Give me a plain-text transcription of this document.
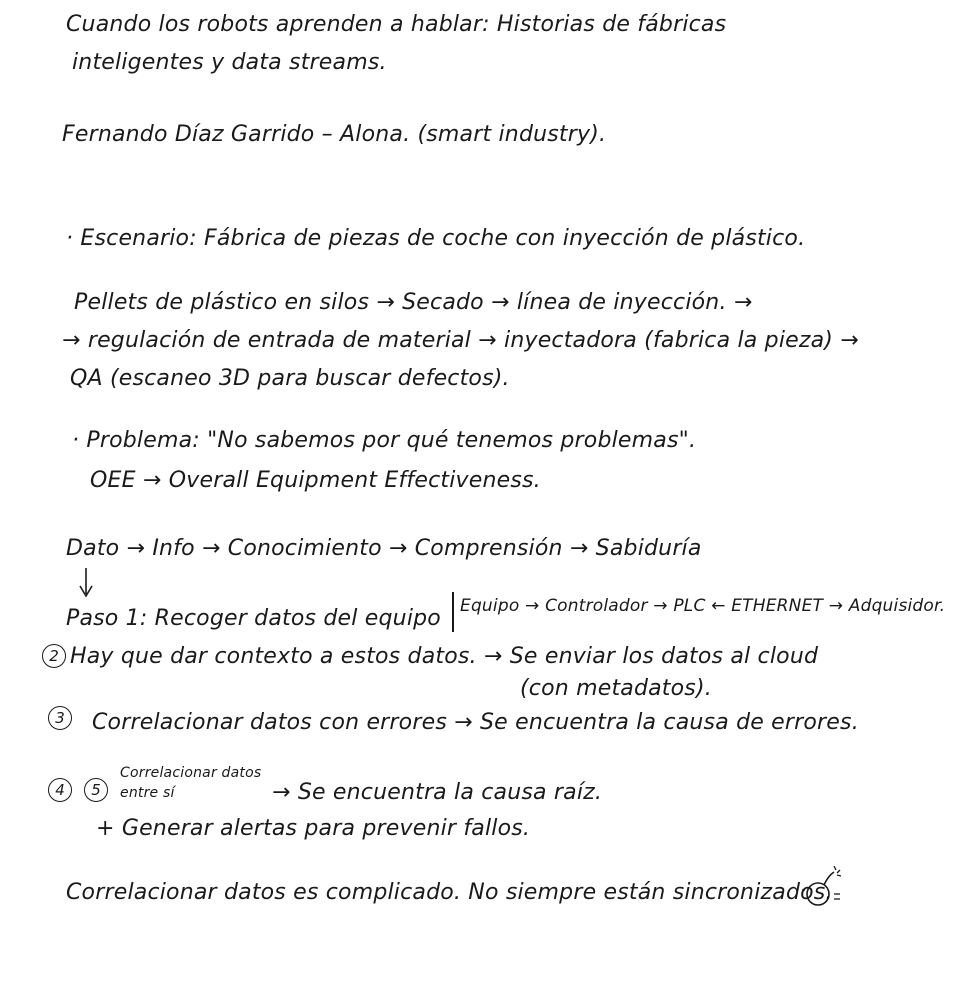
Cuando los robots aprenden a hablar: Historias de fábricas
inteligentes y data streams.
Fernando Díaz Garrido – Alona. (smart industry).
· Escenario: Fábrica de piezas de coche con inyección de plástico.
Pellets de plástico en silos → Secado → línea de inyección. →
→ regulación de entrada de material → inyectadora (fabrica la pieza) →
QA (escaneo 3D para buscar defectos).
· Problema: "No sabemos por qué tenemos problemas".
OEE → Overall Equipment Effectiveness.
Dato → Info → Conocimiento → Comprensión → Sabiduría
Paso 1: Recoger datos del equipo Equipo → Controlador → PLC ← ETHERNET → Adquisidor.
2 Hay que dar contexto a estos datos. → Se enviar los datos al cloud
(con metadatos).
3	Correlacionar datos con errores → Se encuentra la causa de errores.
4	5
Correlacionar datos
entre sí	→ Se encuentra la causa raíz.
+ Generar alertas para prevenir fallos.
Correlacionar datos es complicado. No siempre están sincronizados.
